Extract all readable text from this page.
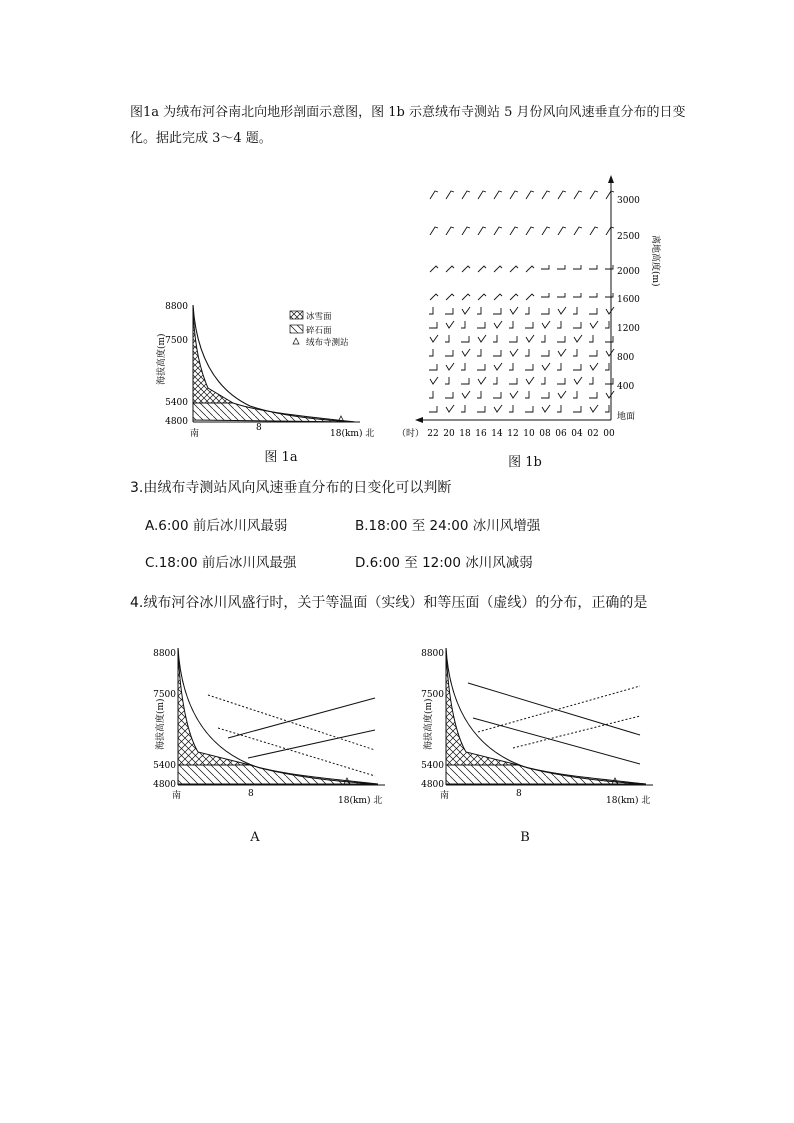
图1a 为绒布河谷南北向地形剖面示意图，图 1b 示意绒布寺测站 5 月份风向风速垂直分布的日变化。据此完成 3～4 题。
8800
7500
5400
4800
南
8
18(km) 北
海拔高度(m)
冰雪面
碎石面
绒布寺测站
图 1a
3000
2500
2000
1600
1200
800
400
地面
离地高度(m)
（时） 22 20 18 16 14 12 10 08 06 04 02 00
图 1b
3.由绒布寺测站风向风速垂直分布的日变化可以判断
A.6:00 前后冰川风最弱	B.18:00 至 24:00 冰川风增强
C.18:00 前后冰川风最强	D.6:00 至 12:00 冰川风减弱
4.绒布河谷冰川风盛行时，关于等温面（实线）和等压面（虚线）的分布，正确的是
8800
7500
5400
4800
南	8
18(km) 北
海拔高度(m)
A
8800
7500
5400
4800
南	8
18(km) 北
海拔高度(m)
B
